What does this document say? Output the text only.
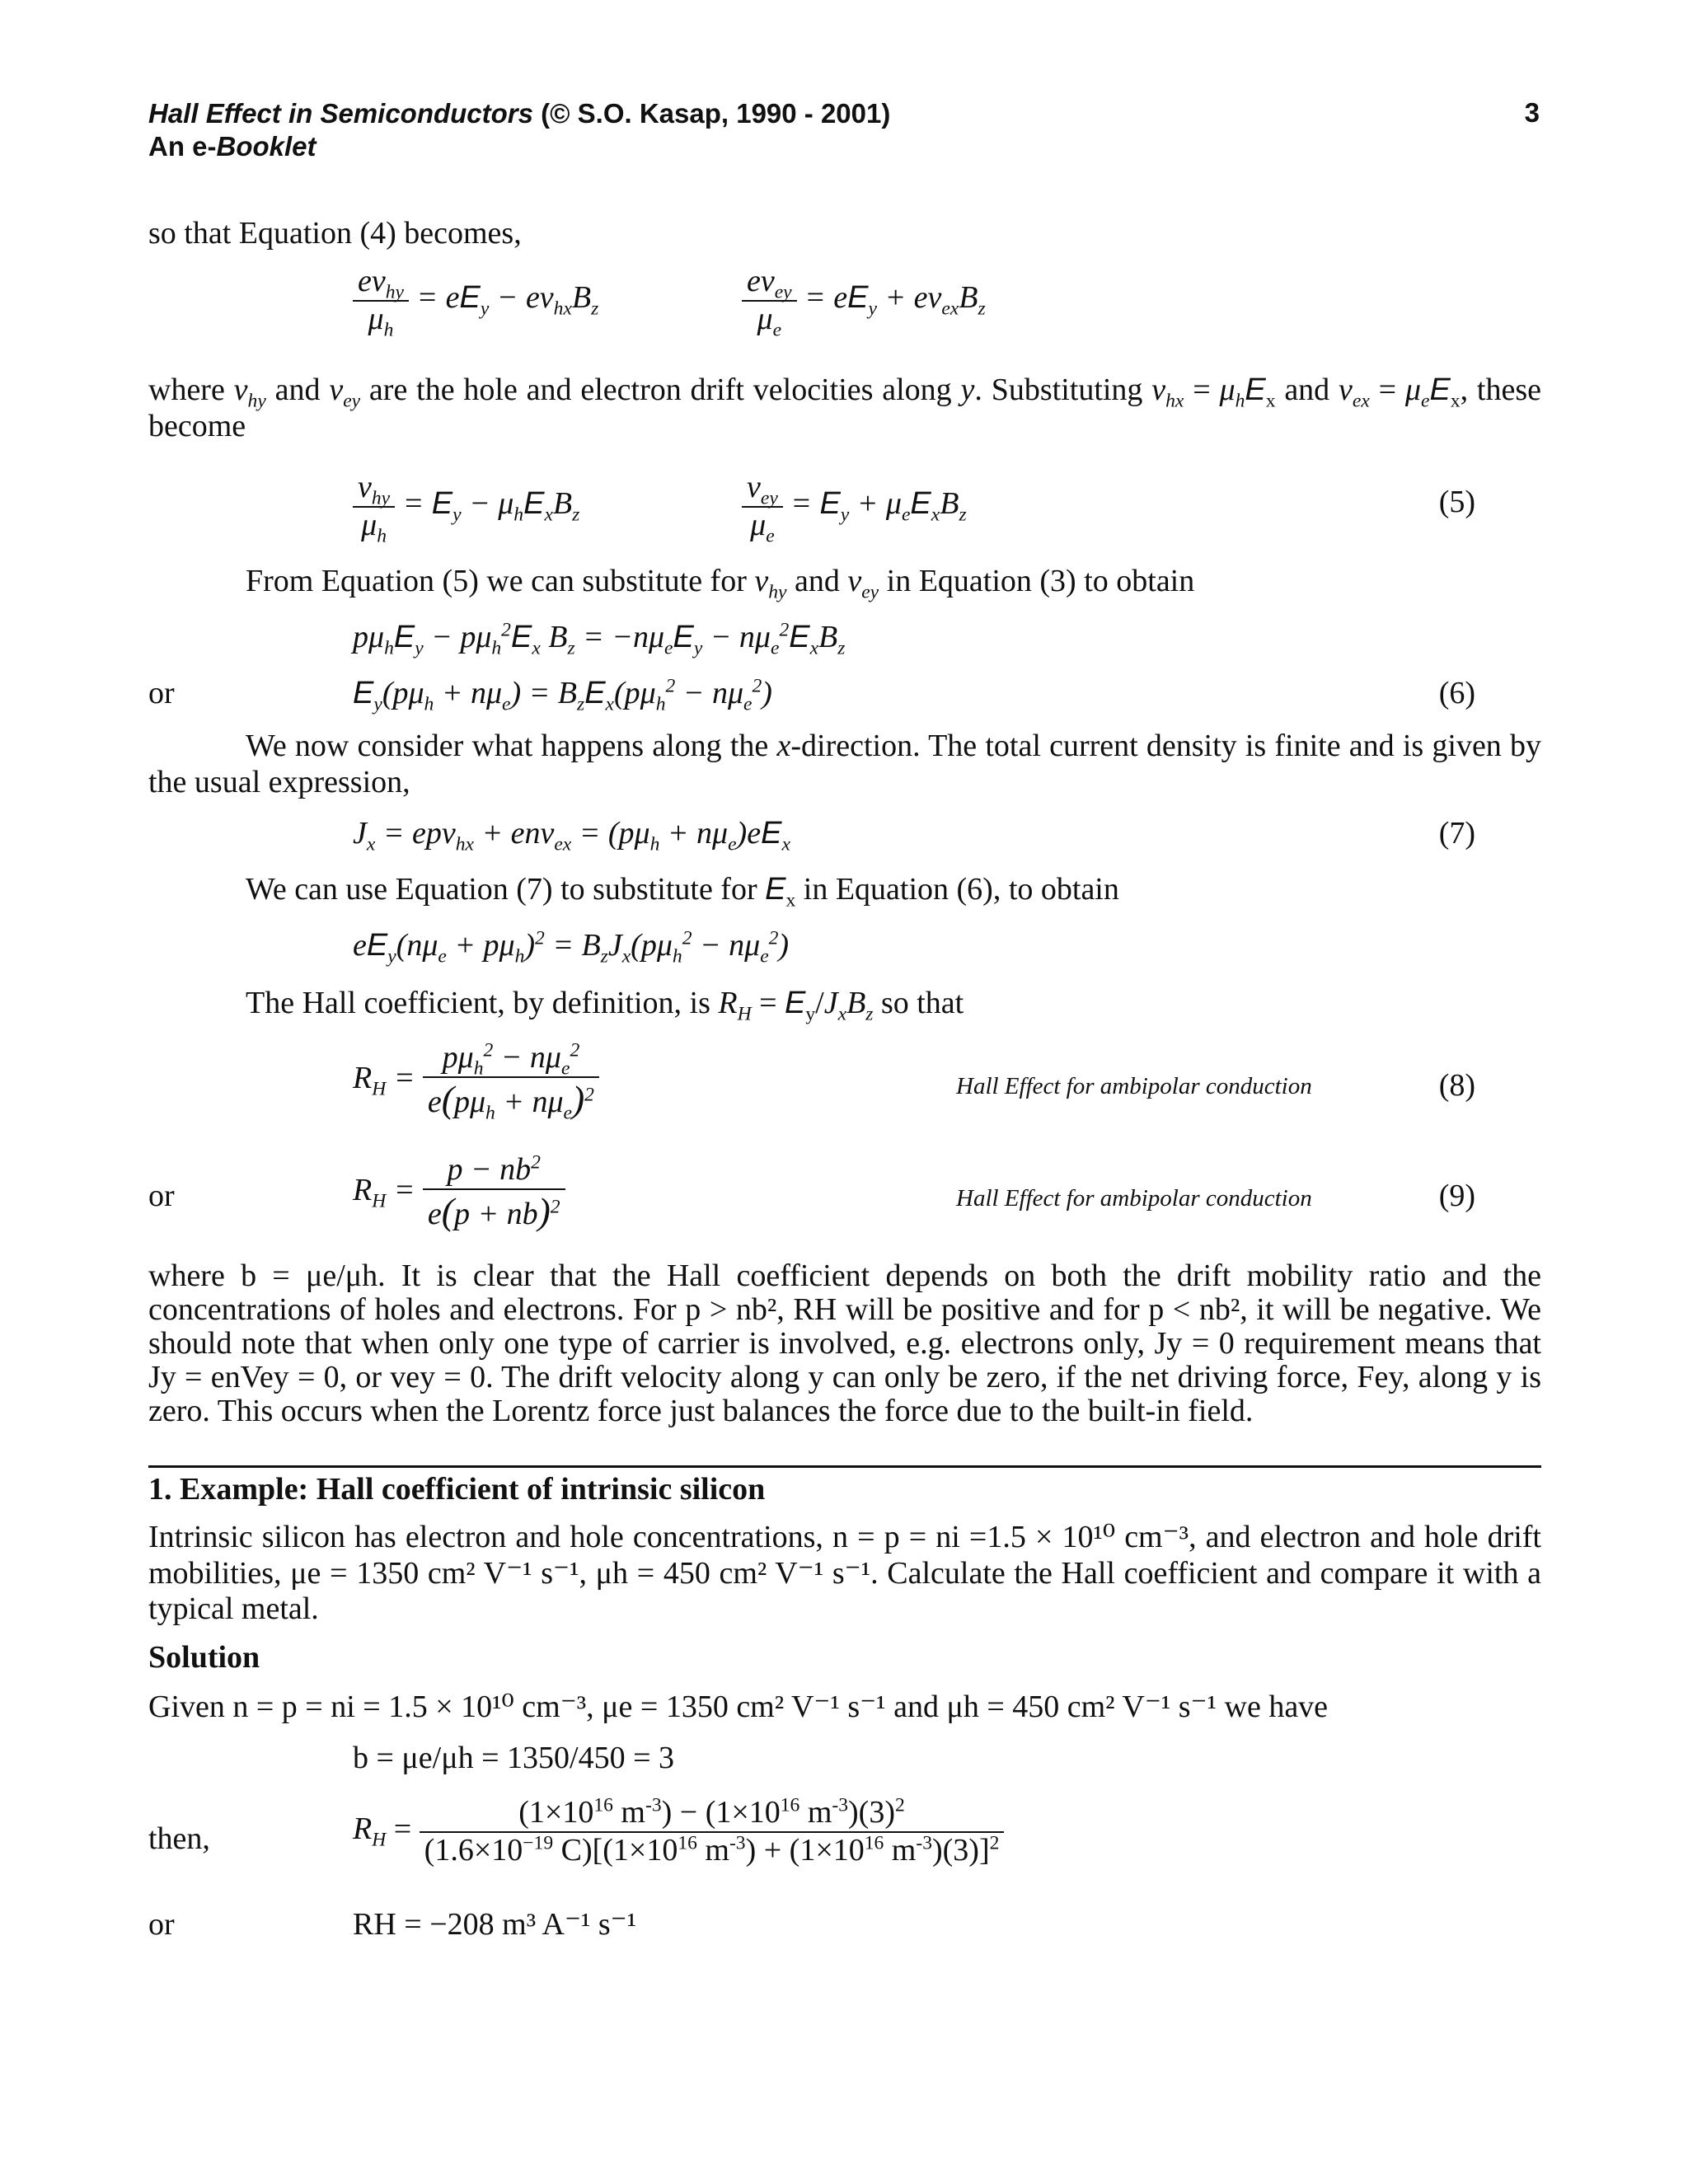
Hall Effect in Semiconductors (© S.O. Kasap, 1990 - 2001)
An e-Booklet
3
so that Equation (4) becomes,
$\frac{ev_{hy}}{\mu_h} = eE_y - ev_{hx}B_z$	$\frac{ev_{ey}}{\mu_e} = eE_y + ev_{ex}B_z$
where $v_{hy}$ and $v_{ey}$ are the hole and electron drift velocities along y. Substituting $v_{hx} = \mu_hE_x$ and $v_{ex} = \mu_eE_x$, these become
$\frac{v_{hy}}{\mu_h} = E_y - \mu_hE_xB_z$	$\frac{v_{ey}}{\mu_e} = E_y + \mu_eE_xB_z$	(5)
From Equation (5) we can substitute for $v_{hy}$ and $v_{ey}$ in Equation (3) to obtain
$p\mu_hE_y - p\mu_h^2E_x$ $B_z = -n\mu_eE_y - n\mu_e^2E_xB_z$
or	$E_y(p\mu_h + n\mu_e) = B_zE_x(p\mu_h^2 - n\mu_e^2)$	(6)
We now consider what happens along the x-direction. The total current density is finite and is given by the usual expression,
$J_x = epv_{hx} + env_{ex} = (p\mu_h + n\mu_e)eE_x$	(7)
We can use Equation (7) to substitute for $E_x$ in Equation (6), to obtain
$eE_y(n\mu_e + p\mu_h)^2 = B_zJ_x(p\mu_h^2 - n\mu_e^2)$
The Hall coefficient, by definition, is $R_H = E_y/J_xB_z$ so that
$R_H = \frac{p\mu_h^2 - n\mu_e^2}{e(p\mu_h + n\mu_e)^2}$	Hall Effect for ambipolar conduction	(8)
or	$R_H = \frac{p - nb^2}{e(p + nb)^2}$	Hall Effect for ambipolar conduction	(9)
where b = μe/μh. It is clear that the Hall coefficient depends on both the drift mobility ratio and the concentrations of holes and electrons. For p > nb², RH will be positive and for p < nb², it will be negative. We should note that when only one type of carrier is involved, e.g. electrons only, Jy = 0 requirement means that Jy = enVey = 0, or vey = 0. The drift velocity along y can only be zero, if the net driving force, Fey, along y is zero. This occurs when the Lorentz force just balances the force due to the built-in field.
1. Example: Hall coefficient of intrinsic silicon
Intrinsic silicon has electron and hole concentrations, n = p = ni =1.5 × 10¹⁰ cm⁻³, and electron and hole drift mobilities, μe = 1350 cm² V⁻¹ s⁻¹, μh = 450 cm² V⁻¹ s⁻¹. Calculate the Hall coefficient and compare it with a typical metal.
Solution
Given n = p = ni = 1.5 × 10¹⁰ cm⁻³, μe = 1350 cm² V⁻¹ s⁻¹ and μh = 450 cm² V⁻¹ s⁻¹ we have
b = μe/μh = 1350/450 = 3
then,	$R_H = \frac{(1\times 10^{16} m^{-3}) - (1\times 10^{16} m^{-3})(3)^2}{(1.6\times 10^{-19} C)[(1\times 10^{16} m^{-3}) + (1\times 10^{16} m^{-3})(3)]^2}$
or	RH = −208 m³ A⁻¹ s⁻¹
